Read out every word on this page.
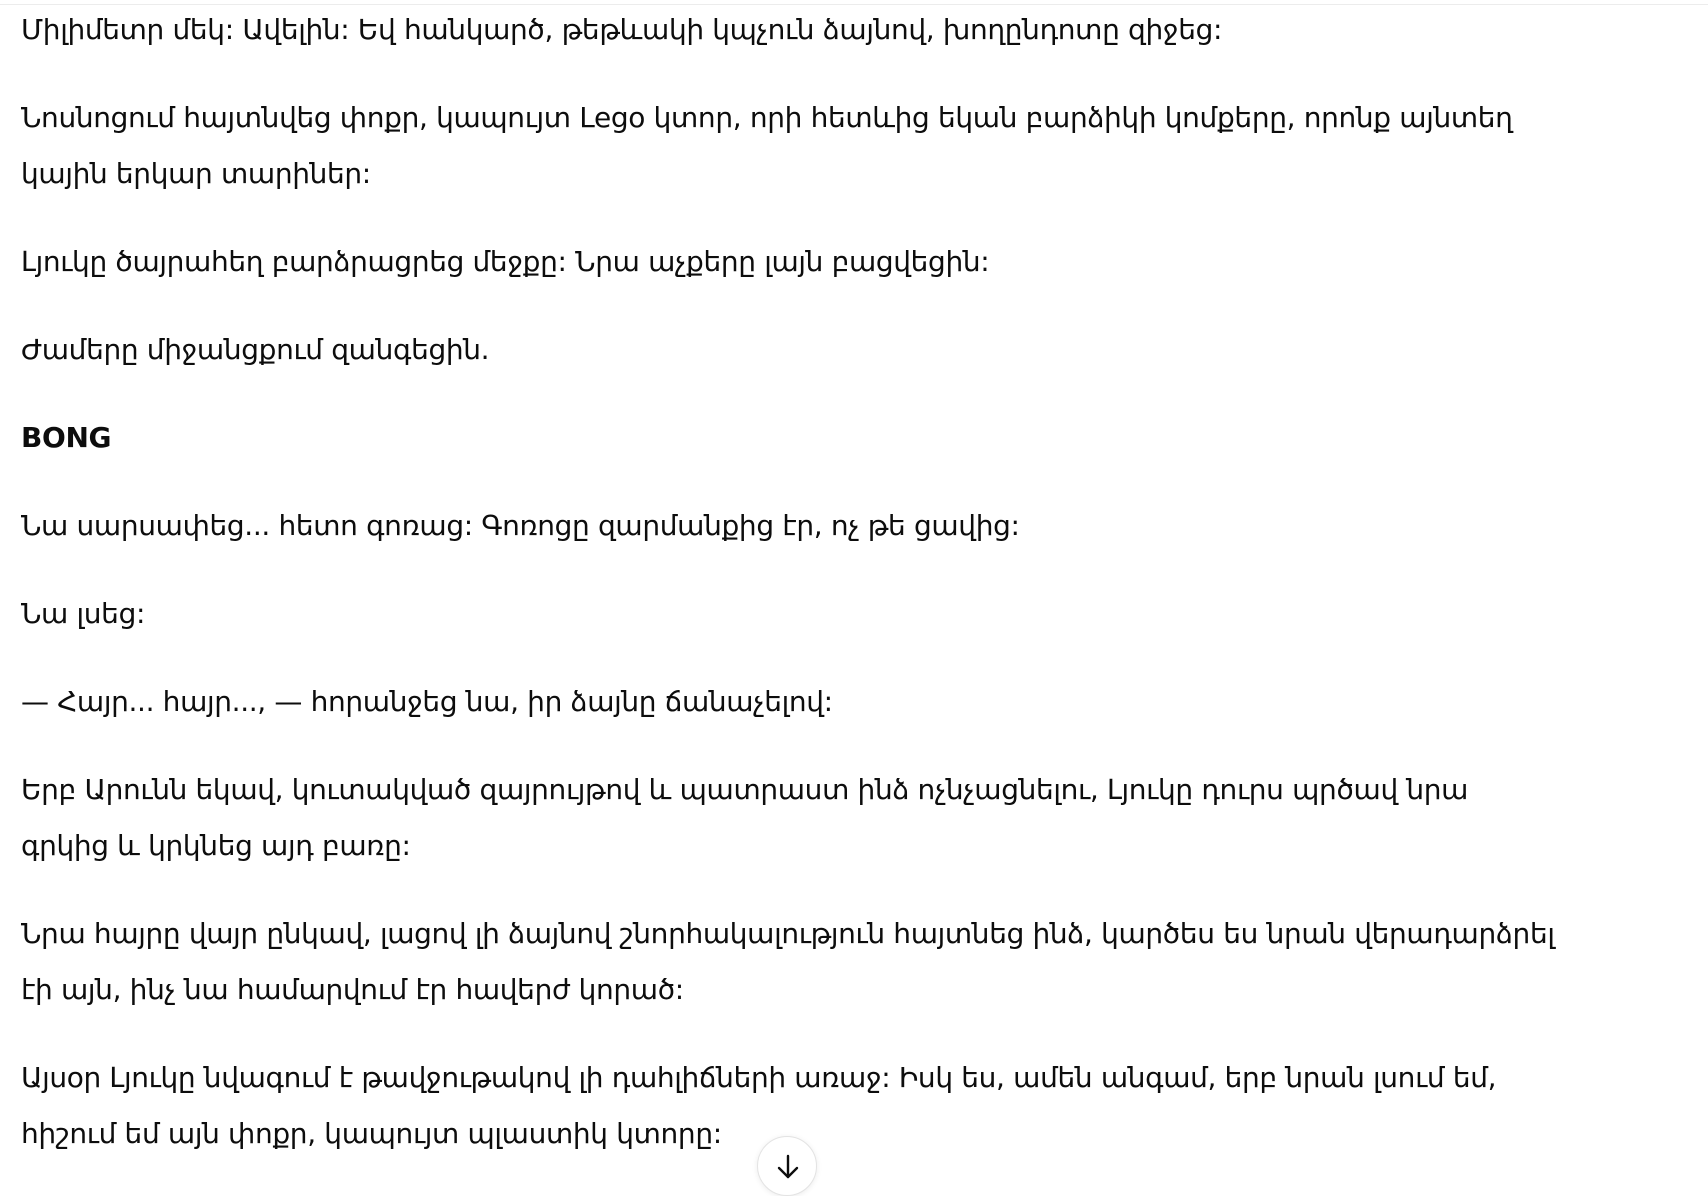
Միլիմետր մեկ: Ավելին: Եվ հանկարծ, թեթևակի կպչուն ձայնով, խողընդոտը զիջեց:

Նոսնոցում հայտնվեց փոքր, կապույտ Lego կտոր, որի հետևից եկան բարձիկի կոմքերը, որոնք այնտեղ կային երկար տարիներ:

Լյուկը ծայրահեղ բարձրացրեց մեջքը: Նրա աչքերը լայն բացվեցին:

Ժամերը միջանցքում զանգեցին.

BONG

Նա սարսափեց... հետո գոռաց: Գոռոցը զարմանքից էր, ոչ թե ցավից:

Նա լսեց:

— Հայր... հայր..., — հորանջեց նա, իր ձայնը ճանաչելով:

Երբ Արունն եկավ, կուտակված զայրույթով և պատրաստ ինձ ոչնչացնելու, Լյուկը դուրս պրծավ նրա գրկից և կրկնեց այդ բառը:

Նրա հայրը վայր ընկավ, լացով լի ձայնով շնորհակալություն հայտնեց ինձ, կարծես ես նրան վերադարձրել էի այն, ինչ նա համարվում էր հավերժ կորած:

Այսօր Լյուկը նվագում է թավջութակով լի դահլիճների առաջ: Իսկ ես, ամեն անգամ, երբ նրան լսում եմ, հիշում եմ այն փոքր, կապույտ պլաստիկ կտորը:
